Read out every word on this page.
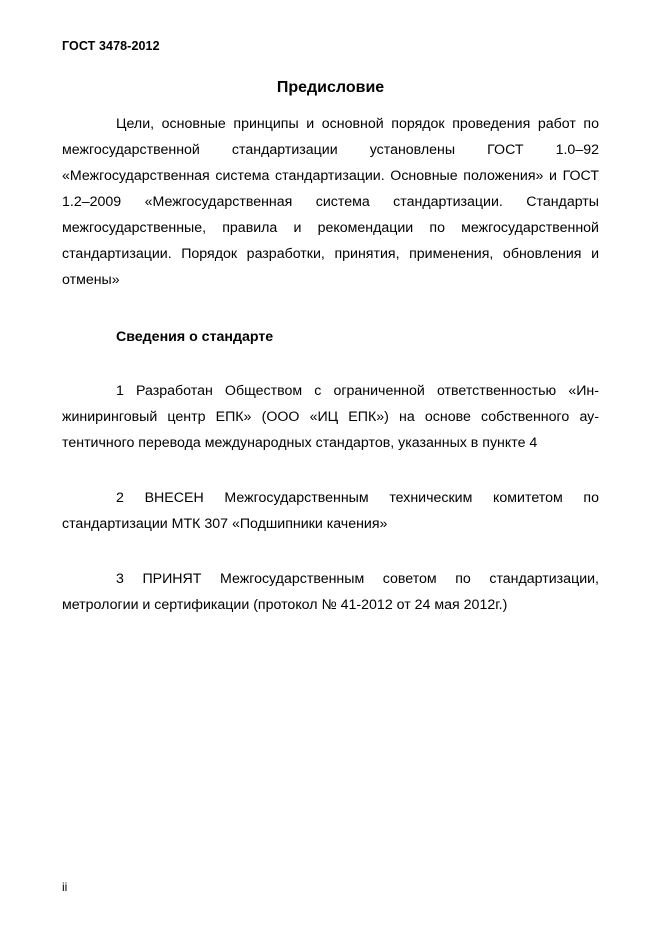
ГОСТ 3478-2012
Предисловие

Цели, основные принципы и основной порядок проведения работ по межгосударственной стандартизации установлены ГОСТ 1.0–92 «Межгосударственная система стандартизации. Основные положения» и ГОСТ 1.2–2009 «Межгосударственная система стандартизации. Стандарты межгосударственные, правила и рекомендации по межгосударственной стандартизации. Порядок разработки, принятия, применения, обновления и отмены»

Сведения о стандарте

1 Разработан Обществом с ограниченной ответственностью «Инжиниринговый центр ЕПК» (ООО «ИЦ ЕПК») на основе собственного аутентичного перевода международных стандартов, указанных в пункте 4

2 ВНЕСЕН Межгосударственным техническим комитетом по стандартизации МТК 307 «Подшипники качения»

3 ПРИНЯТ Межгосударственным советом по стандартизации, метрологии и сертификации (протокол № 41-2012 от 24 мая 2012г.)

ii
